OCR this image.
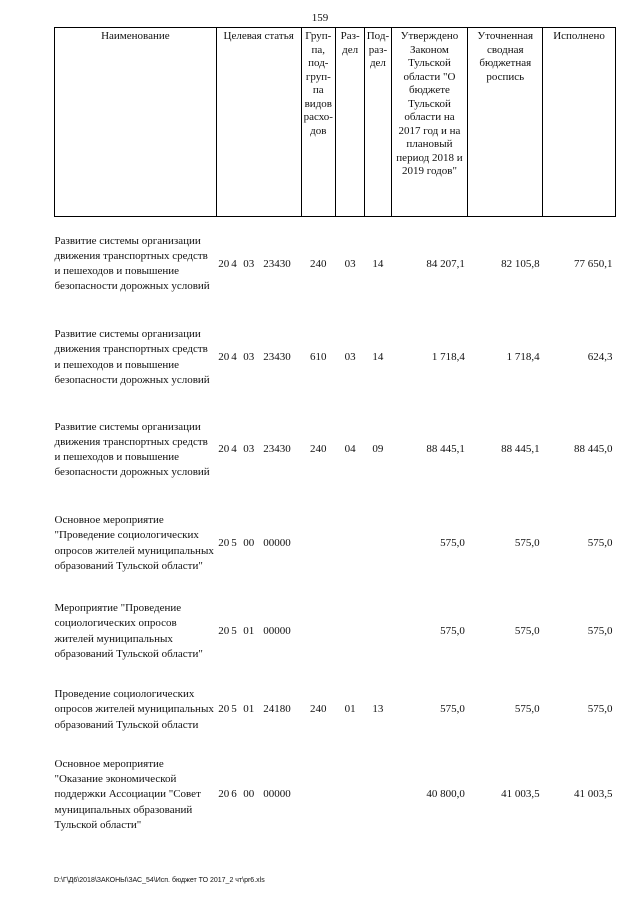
159
Наименование	Целевая статья	Груп-па, под-груп-па видов расхо-дов	Раз-дел	Под-раз-дел	Утверждено Законом Тульской области "О бюджете Тульской области на 2017 год и на плановый период 2018 и 2019 годов"	Уточненная сводная бюджетная роспись	Исполнено
Развитие системы организации движения транспортных средств и пешеходов и повышение безопасности дорожных условий	20 4 03 23430	240	03	14	84 207,1	82 105,8	77 650,1
Развитие системы организации движения транспортных средств и пешеходов и повышение безопасности дорожных условий	20 4 03 23430	610	03	14	1 718,4	1 718,4	624,3
Развитие системы организации движения транспортных средств и пешеходов и повышение безопасности дорожных условий	20 4 03 23430	240	04	09	88 445,1	88 445,1	88 445,0
Основное мероприятие "Проведение социологических опросов жителей муниципальных образований Тульской области"	20 5 00 00000				575,0	575,0	575,0
Мероприятие "Проведение социологических опросов жителей муниципальных образований Тульской области"	20 5 01 00000				575,0	575,0	575,0
Проведение социологических опросов жителей муниципальных образований Тульской области	20 5 01 24180	240	01	13	575,0	575,0	575,0
Основное мероприятие "Оказание экономической поддержки Ассоциации "Совет муниципальных образований Тульской области"	20 6 00 00000				40 800,0	41 003,5	41 003,5
D:\Г\Д6\2018\ЗАКОНЫ\ЗАС_54\Исп. бюджет ТО 2017_2 чт\pr6.xls
